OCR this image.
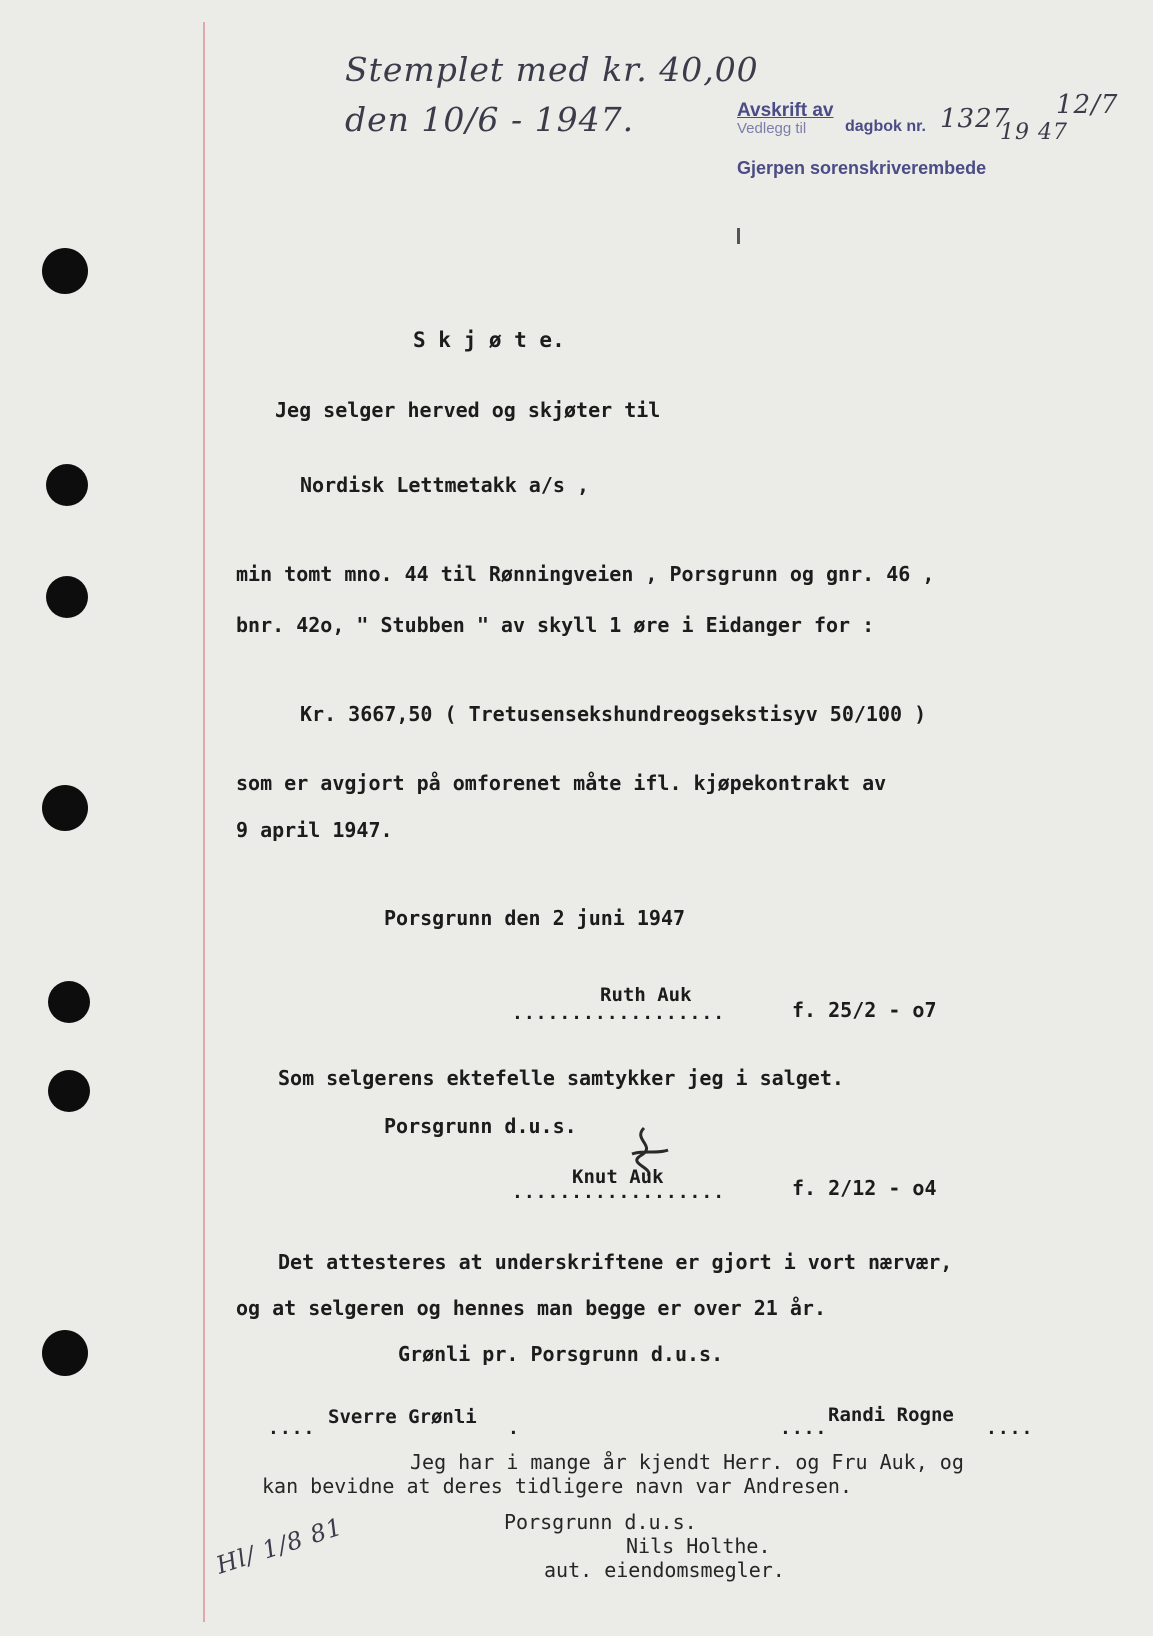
Stemplet med kr. 40,00
den 10/6 - 1947.	12/7
Avskrift av
Vedlegg til dagbok nr. 1327
19 47
Gjerpen sorenskriverembede
S k j ø t e.
Jeg selger herved og skjøter til
Nordisk Lettmetakk a/s ,
min tomt mno. 44 til Rønningveien , Porsgrunn og gnr. 46 ,
bnr. 42o, " Stubben " av skyll 1 øre i Eidanger for :
Kr. 3667,50 ( Tretusensekshundreogsekstisyv 50/100 )
som er avgjort på omforenet måte ifl. kjøpekontrakt av
9 april 1947.
Porsgrunn den 2 juni 1947
Ruth Auk
..................	f. 25/2 - o7
Som selgerens ektefelle samtykker jeg i salget.
Porsgrunn d.u.s.
Knut Auk
..................	f. 2/12 - o4
Det attesteres at underskriftene er gjort i vort nærvær,
og at selgeren og hennes man begge er over 21 år.
Grønli pr. Porsgrunn d.u.s.
....
Sverre Grønli
.	....
Randi Rogne
....
Jeg har i mange år kjendt Herr. og Fru Auk, og
kan bevidne at deres tidligere navn var Andresen.
Porsgrunn d.u.s.
Nils Holthe.
aut. eiendomsmegler.
Hl/ 1/8 81
